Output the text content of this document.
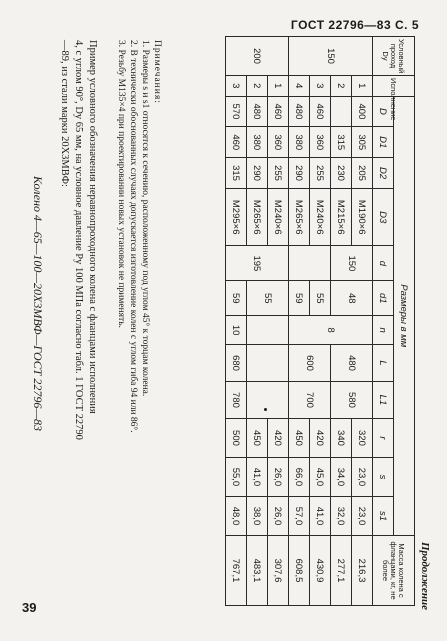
ГОСТ 22796—83 С. 5
Продолжение
Условный проход Dу	Исполнение	Размеры в мм												Масса колена с фланцами, кг, не более
		D	D1	D2	D3	d	d1	n	L	L1	r	s	s1	
150	1	400	305	205	М190×6	150	48	8	480	580	320	23,0	23,0	216,3
	2		315	230	М215×6						340	34,0	32,0	277,1
	3	460	360	255	М240×6		55		600	700	420	45,0	41,0	430,9
	4	480	380	290	М265×6		59				450	66,0	57,0	608,5
200	1	460	360	255	М240×6	195	55				420	26,0	26,0	307,6
	2	480	380	290	М265×6						450	41,0	38,0	483,1
	3	570	460	315	М295×6		59	10	680	780	500	55,0	48,0	767,1
Примечания:
1. Размеры s и s1 относятся к сечению, расположенному под углом 45° к торцам колена.
2. В технически обоснованных случаях допускается изготовление колен с углом гиба 94 или 86°.
3. Резьбу М135×4 при проектировании новых установок не применять.
Пример условного обозначения неравнопроходного колена с фланцами исполнения
4, с углом 90°, Dу 65 мм, на условное давление Pу 100 МПа согласно табл. 1 ГОСТ 22790
—89, из стали марки 20Х3МВФ:
Колено 4—65—100—20Х3МВФ—ГОСТ 22796—83
39
